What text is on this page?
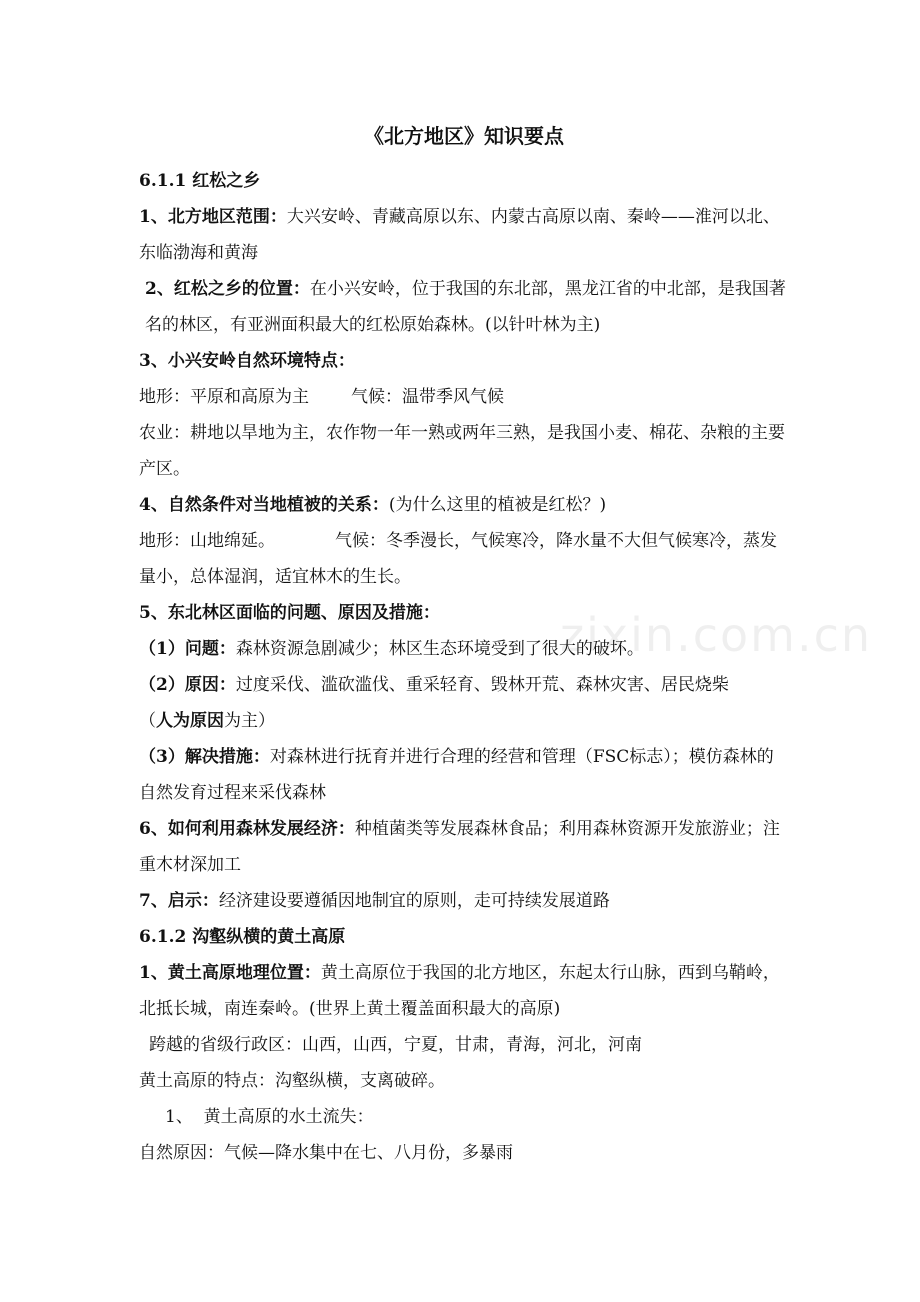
zixin.com.cn
《北方地区》知识要点
6.1.1 红松之乡
1、北方地区范围：大兴安岭、青藏高原以东、内蒙古高原以南、秦岭——淮河以北、东临渤海和黄海
2、红松之乡的位置：在小兴安岭，位于我国的东北部，黑龙江省的中北部，是我国著名的林区，有亚洲面积最大的红松原始森林。(以针叶林为主)
3、小兴安岭自然环境特点：
地形：平原和高原为主 气候：温带季风气候
农业：耕地以旱地为主，农作物一年一熟或两年三熟，是我国小麦、棉花、杂粮的主要产区。
4、自然条件对当地植被的关系：(为什么这里的植被是红松？)
地形：山地绵延。	气候：冬季漫长，气候寒冷，降水量不大但气候寒冷，蒸发量小，总体湿润，适宜林木的生长。
5、东北林区面临的问题、原因及措施：
（1）问题：森林资源急剧减少；林区生态环境受到了很大的破坏。
（2）原因：过度采伐、滥砍滥伐、重采轻育、毁林开荒、森林灾害、居民烧柴
（人为原因为主）
（3）解决措施：对森林进行抚育并进行合理的经营和管理（FSC标志）；模仿森林的自然发育过程来采伐森林
6、如何利用森林发展经济：种植菌类等发展森林食品；利用森林资源开发旅游业；注重木材深加工
7、启示：经济建设要遵循因地制宜的原则，走可持续发展道路
6.1.2 沟壑纵横的黄土高原
1、黄土高原地理位置：黄土高原位于我国的北方地区，东起太行山脉，西到乌鞘岭，北抵长城，南连秦岭。(世界上黄土覆盖面积最大的高原)
跨越的省级行政区：山西，山西，宁夏，甘肃，青海，河北，河南
黄土高原的特点：沟壑纵横，支离破碎。
1、 黄土高原的水土流失：
自然原因：气候—降水集中在七、八月份，多暴雨
